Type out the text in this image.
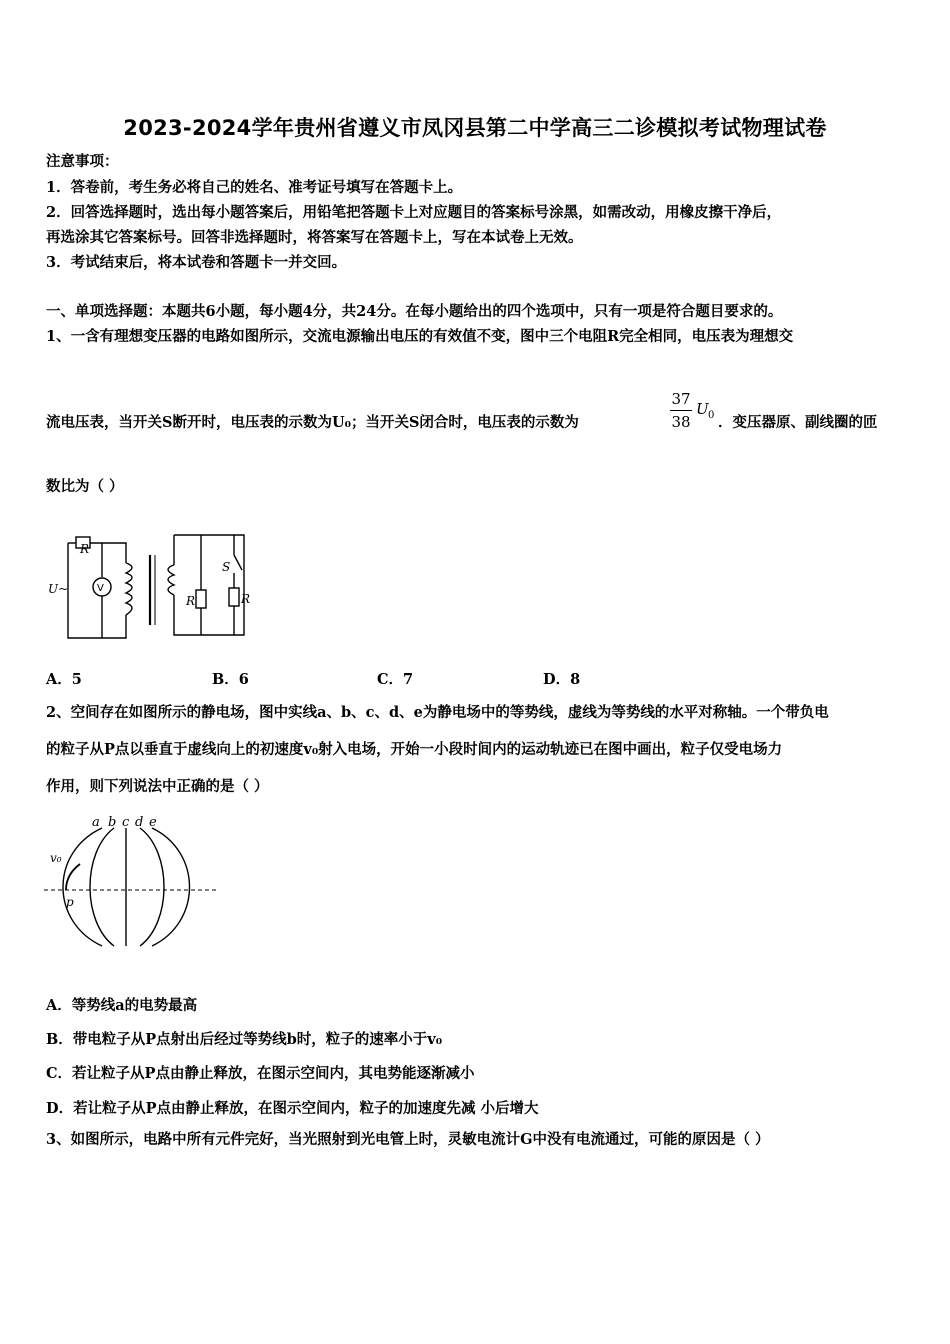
2023-2024学年贵州省遵义市凤冈县第二中学高三二诊模拟考试物理试卷
注意事项：
1．答卷前，考生务必将自己的姓名、准考证号填写在答题卡上。
2．回答选择题时，选出每小题答案后，用铅笔把答题卡上对应题目的答案标号涂黑，如需改动，用橡皮擦干净后，
再选涂其它答案标号。回答非选择题时，将答案写在答题卡上，写在本试卷上无效。
3．考试结束后，将本试卷和答题卡一并交回。
一、单项选择题：本题共6小题，每小题4分，共24分。在每小题给出的四个选项中，只有一项是符合题目要求的。
1、一含有理想变压器的电路如图所示，交流电源输出电压的有效值不变，图中三个电阻R完全相同，电压表为理想交
流电压表，当开关S断开时，电压表的示数为U₀；当开关S闭合时，电压表的示数为
37
38
U 0 ．变压器原、副线圈的匝
数比为（ ）
R
U~	V
R	R
S
A．5	B．6	C．7	D．8
2、空间存在如图所示的静电场，图中实线a、b、c、d、e为静电场中的等势线，虚线为等势线的水平对称轴。一个带负电
的粒子从P点以垂直于虚线向上的初速度v₀射入电场，开始一小段时间内的运动轨迹已在图中画出，粒子仅受电场力
作用，则下列说法中正确的是（ ）
a b c d e
v₀
p
A．等势线a的电势最高
B．带电粒子从P点射出后经过等势线b时，粒子的速率小于v₀
C．若让粒子从P点由静止释放，在图示空间内，其电势能逐渐减小
D．若让粒子从P点由静止释放，在图示空间内，粒子的加速度先减 小后增大
3、如图所示，电路中所有元件完好，当光照射到光电管上时，灵敏电流计G中没有电流通过，可能的原因是（ ）
